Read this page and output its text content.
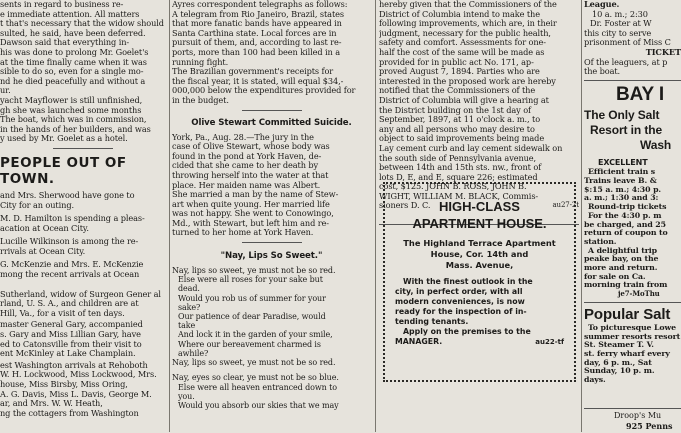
sents in regard to business re-
e immediate attention. All matters
t that's necessary that the widow should
sulted, he said, have been deferred.
Dawson said that everything in-
his was done to prolong Mr. Goelet's
at the time finally came when it was
sible to do so, even for a single mo-
nd he died peacefully and without a
ur.
yacht Mayflower is still unfinished,
gh she was launched some months
The boat, which was in commission,
in the hands of her builders, and was
y used by Mr. Goelet as a hotel.
PEOPLE OUT OF TOWN.
and Mrs. Sherwood have gone to
City for an outing.
M. D. Hamilton is spending a pleas-
acation at Ocean City.
Lucille Wilkinson is among the re-
rrivals at Ocean City.
G. McKenzie and Mrs. E. McKenzie
mong the recent arrivals at Ocean
Sutherland, widow of Surgeon Gener al
rland, U. S. A., and children are at
Hill, Va., for a visit of ten days.
master General Gary, accompanied
s. Gary and Miss Lillian Gary, have
ed to Catonsville from their visit to
ent McKinley at Lake Champlain.
est Washington arrivals at Rehoboth
W. H. Lockwood, Miss Lockwood, Mrs.
house, Miss Birsby, Miss Oring,
A. G. Davis, Miss L. Davis, George M.
ar, and Mrs. W. W. Heath,
ng the cottagers from Washington
Ayres correspondent telegraphs as follows:
A telegram from Rio Janeiro, Brazil, states
that more fanatic bands have appeared in
Santa Carthina state. Local forces are in
pursuit of them, and, according to last re-
ports, more than 100 had been killed in a
running fight.
The Brazilian government's receipts for
the fiscal year, it is stated, will equal $34,-
000,000 below the expenditures provided for
in the budget.
Olive Stewart Committed Suicide.
York, Pa., Aug. 28.—The jury in the
case of Olive Stewart, whose body was
found in the pond at York Haven, de-
cided that she came to her death by
throwing herself into the water at that
place. Her maiden name was Albert.
She married a man by the name of Stew-
art when quite young. Her married life
was not happy. She went to Conowingo,
Md., with Stewart, but left him and re-
turned to her home at York Haven.
"Nay, Lips So Sweet."

Nay, lips so sweet, ye must not be so red.

Else were all roses for your sake but

dead.

Would you rob us of summer for your

sake?

Our patience of dear Paradise, would

take

And lock it in the garden of your smile,

Where our bereavement charmed is

awhile?

Nay, lips so sweet, ye must not be so red.

Nay, eyes so clear, ye must not be so blue.

Else were all heaven entranced down to

you.

Would you absorb our skies that we may

hereby given that the Commissioners of the
District of Columbia intend to make the
following improvements, which are, in their
judgment, necessary for the public health,
safety and comfort. Assessments for one-
half the cost of the same will be made as
provided for in public act No. 171, ap-
proved August 7, 1894. Parties who are
interested in the proposed work are hereby
notified that the Commissioners of the
District of Columbia will give a hearing at
the District building on the 1st day of
September, 1897, at 11 o'clock a. m., to
any and all persons who may desire to
object to said improvements being made
Lay cement curb and lay cement sidewalk on
the south side of Pennsylvania avenue,
between 14th and 15th sts. nw., front of
lots D, E, and E, square 226; estimated
cost, $125. JOHN B. ROSS, JOHN B.
WIGHT, WILLIAM M. BLACK, Commis-
sioners D. C.	au27-2t
HIGH-CLASS
APARTMENT HOUSE.
The Highland Terrace Apartment
House, Cor. 14th and
Mass. Avenue,
With the finest outlook in the
city, in perfect order, with all
modern conveniences, is now
ready for the inspection of in-
tending tenants.
Apply on the premises to the
MANAGER.	au22-tf
League.
10 a. m.; 2:30
Dr. Foster at W
this city to serve
prisonment of Miss C
TICKET
Of the leaguers, at p
the boat.
BAY I
The Only Salt
Resort in the
Wash
EXCELLENT
Efficient train s
Trains leave B. &
$:15 a. m.; 4:30 p.
a. m.; 1:30 and 3:
Round-trip tickets
For the 4:30 p. m
be charged, and 25
return of coupon to
station.
A delightful trip
peake bay, on the
more and return.
for sale on Ca.
morning train from
je7-MoThu
Popular Salt
To picturesque Lowe
summer resorts resort
St. Steamer T. V.
st. ferry wharf every
day, 6 p. m., Sat
Sunday, 10 p. m.
days.
Droop's Mu
925 Penns
